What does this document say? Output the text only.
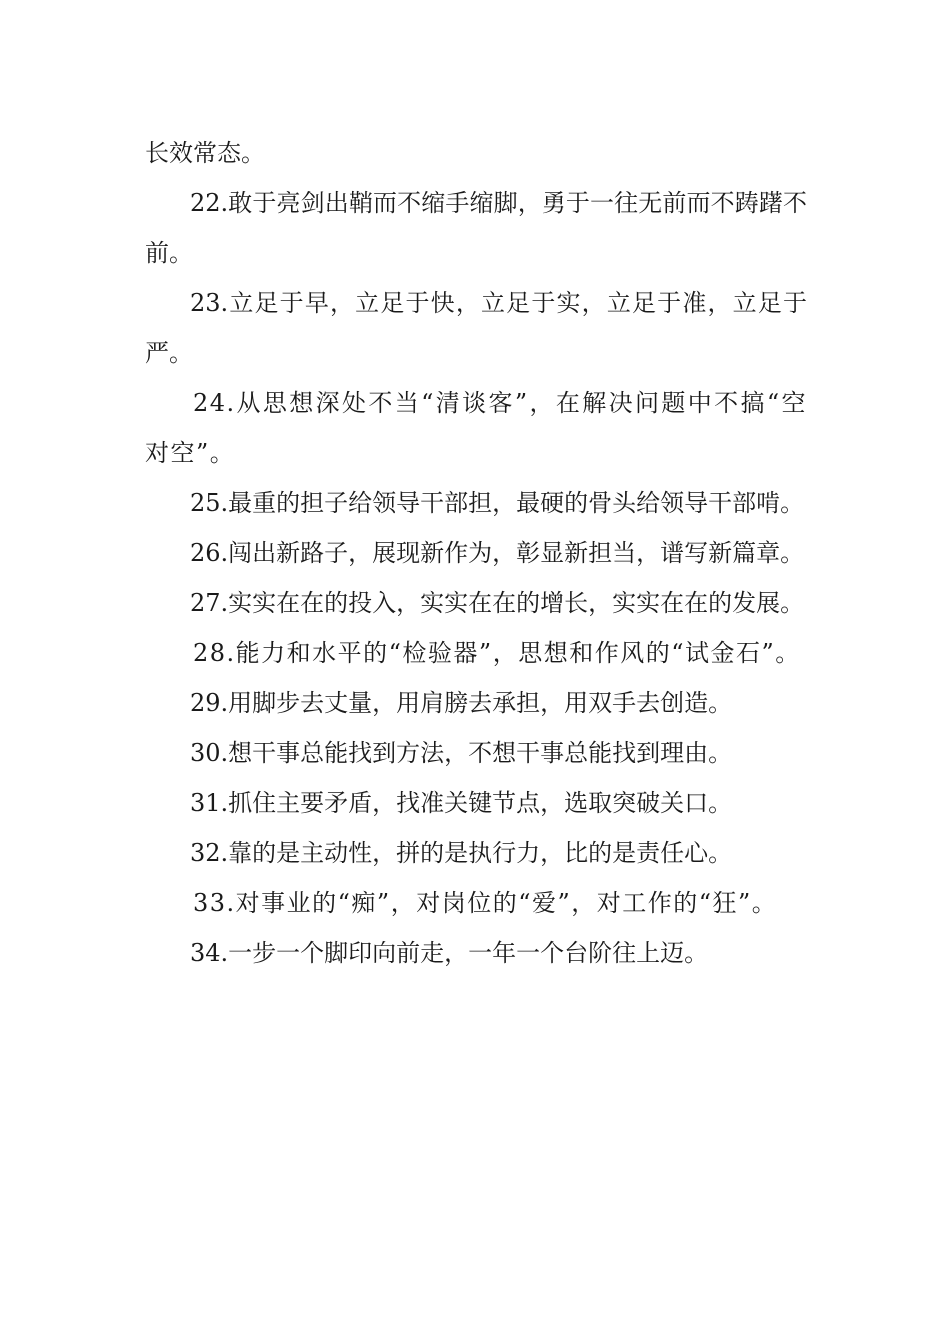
长效常态。

22.敢于亮剑出鞘而不缩手缩脚，勇于一往无前而不踌躇不前。

23.立足于早，立足于快，立足于实，立足于准，立足于严。

24.从思想深处不当“清谈客”，在解决问题中不搞“空对空”。

25.最重的担子给领导干部担，最硬的骨头给领导干部啃。

26.闯出新路子，展现新作为，彰显新担当，谱写新篇章。

27.实实在在的投入，实实在在的增长，实实在在的发展。

28.能力和水平的“检验器”，思想和作风的“试金石”。

29.用脚步去丈量，用肩膀去承担，用双手去创造。

30.想干事总能找到方法，不想干事总能找到理由。

31.抓住主要矛盾，找准关键节点，选取突破关口。

32.靠的是主动性，拼的是执行力，比的是责任心。

33.对事业的“痴”，对岗位的“爱”，对工作的“狂”。

34.一步一个脚印向前走，一年一个台阶往上迈。
